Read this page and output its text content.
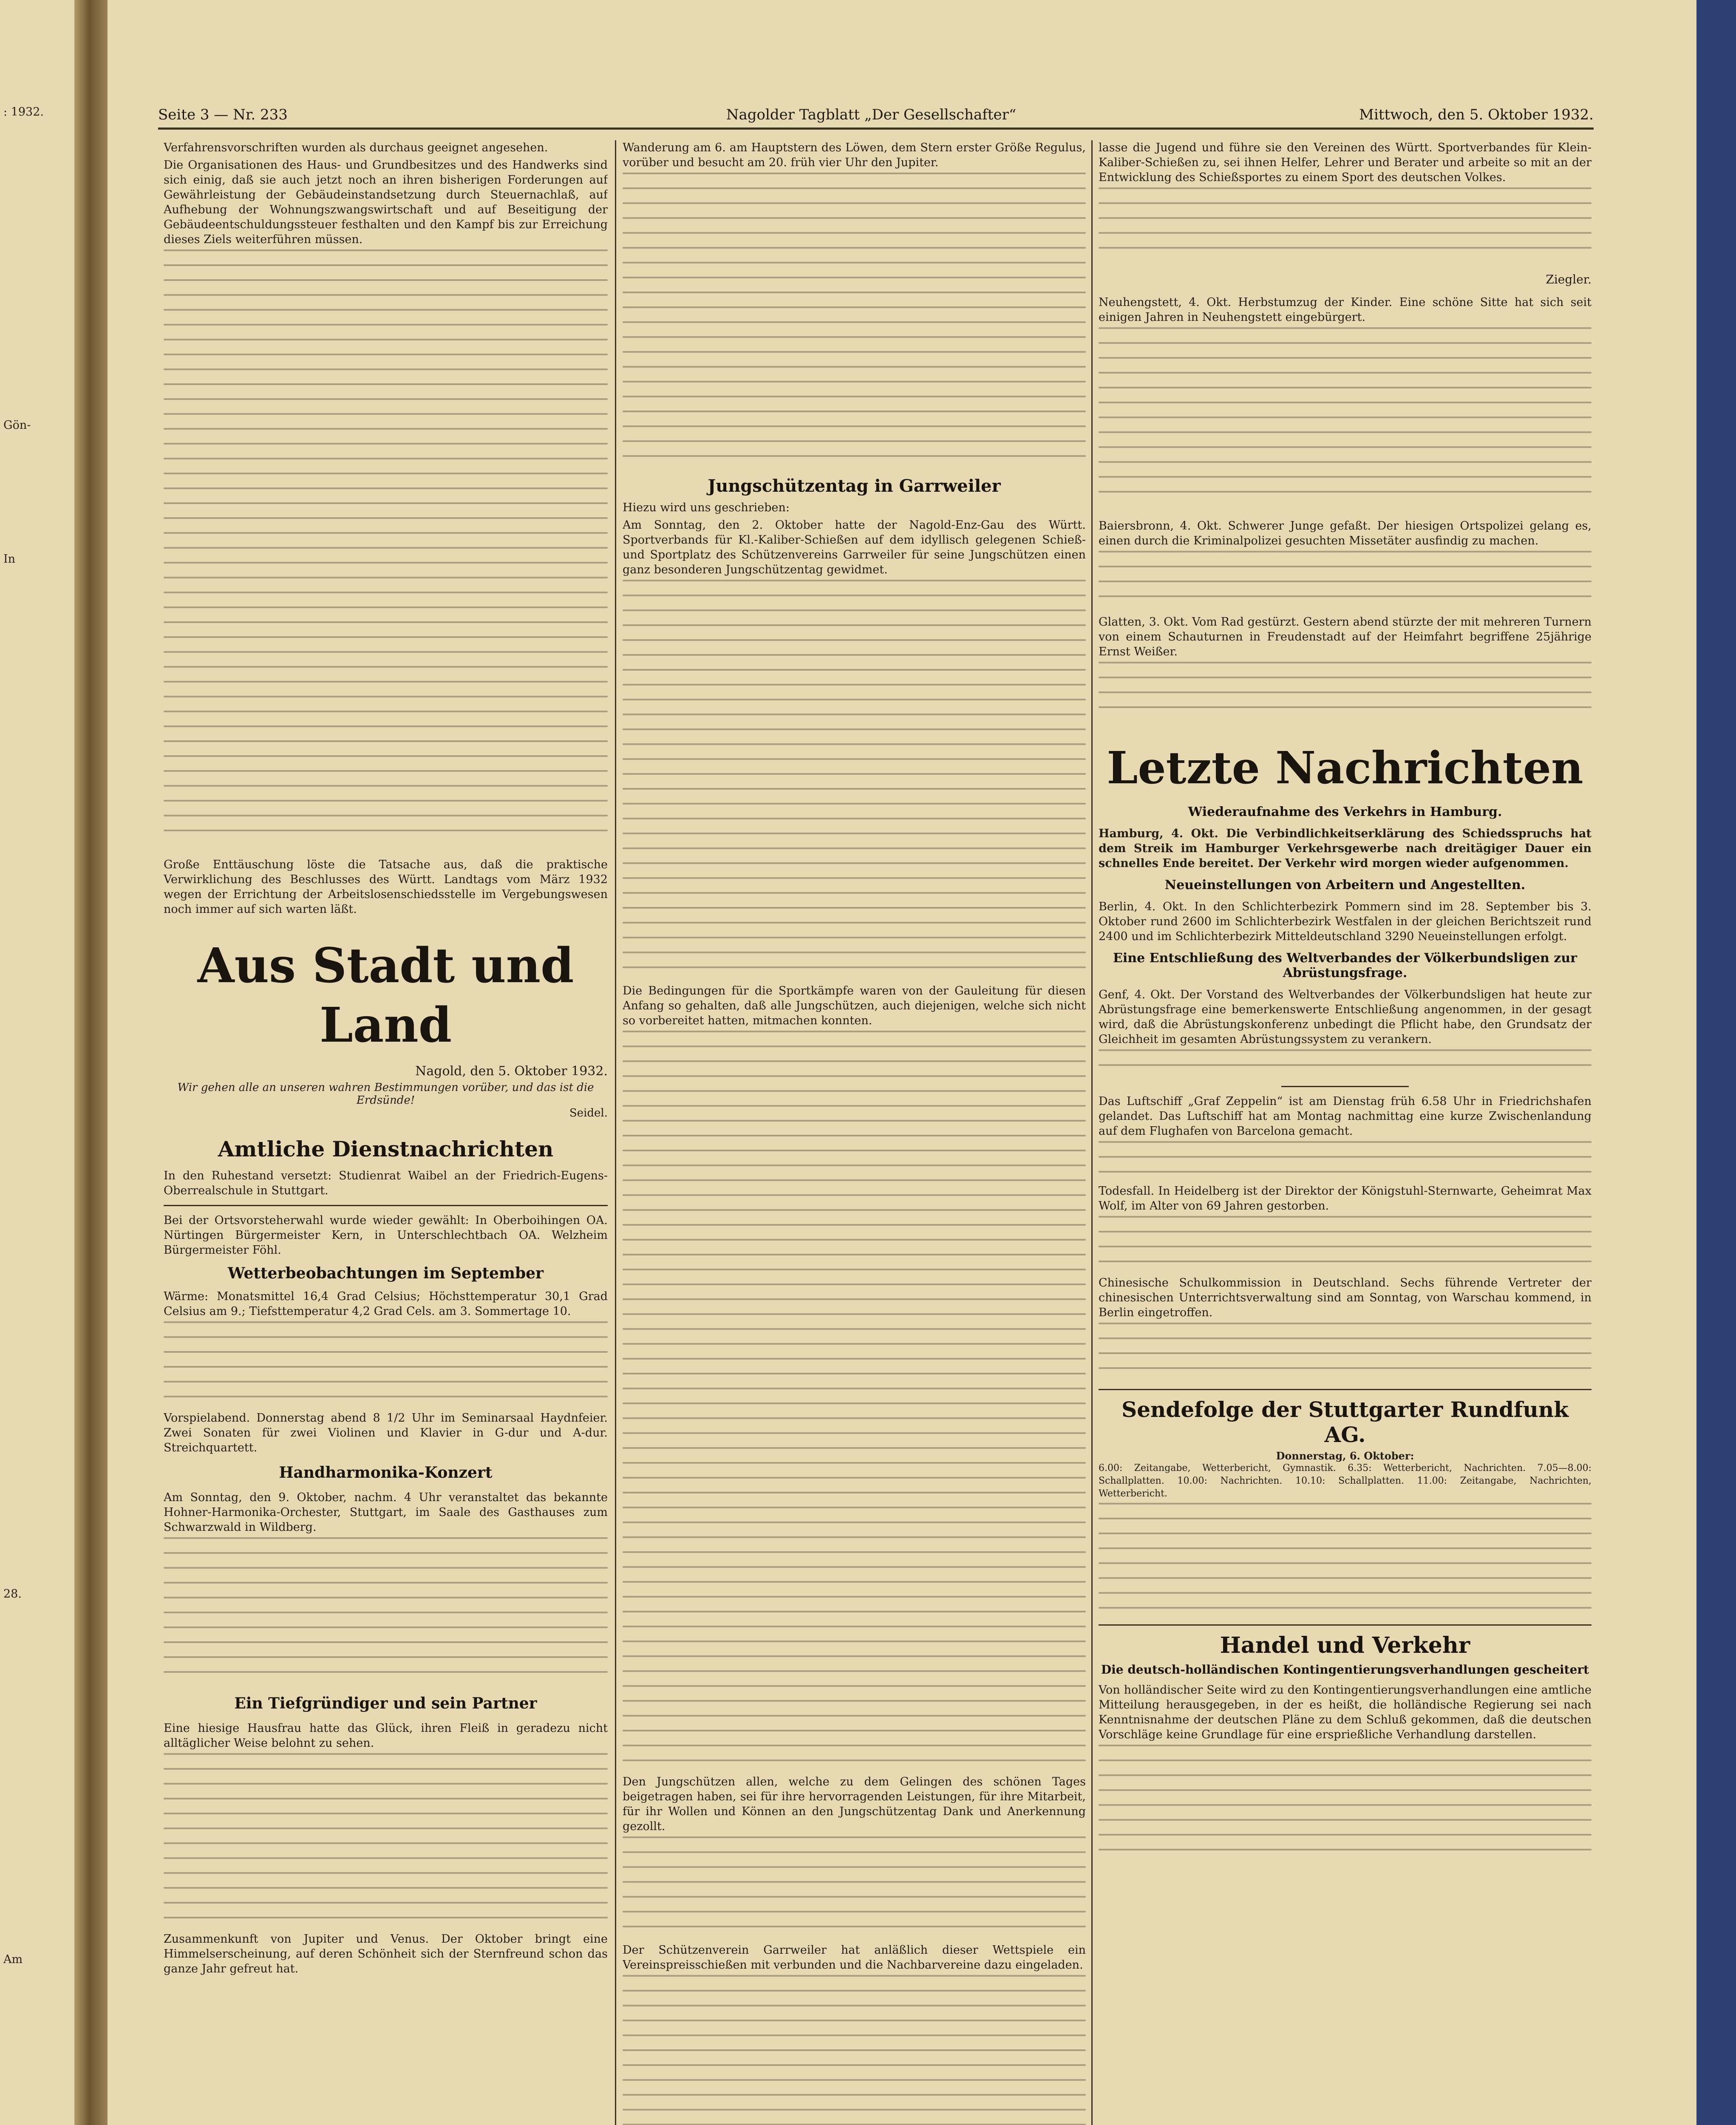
: 1932.
Gön-
In
28.
Am
Seite 3 — Nr. 233	Nagolder Tagblatt „Der Gesellschafter“	Mittwoch, den 5. Oktober 1932.

Verfahrensvorschriften wurden als durchaus geeignet angesehen.

Die Organisationen des Haus- und Grundbesitzes und des Handwerks sind sich einig, daß sie auch jetzt noch an ihren bisherigen Forderungen auf Gewährleistung der Gebäudeinstandsetzung durch Steuernachlaß, auf Aufhebung der Wohnungszwangswirtschaft und auf Beseitigung der Gebäudeentschuldungssteuer festhalten und den Kampf bis zur Erreichung dieses Ziels weiterführen müssen.

Große Enttäuschung löste die Tatsache aus, daß die praktische Verwirklichung des Beschlusses des Württ. Landtags vom März 1932 wegen der Errichtung der Arbeitslosenschiedsstelle im Vergebungswesen noch immer auf sich warten läßt.

Aus Stadt und Land
Nagold, den 5. Oktober 1932.
Wir gehen alle an unseren wahren Bestimmungen vorüber, und das ist die Erdsünde!
Seidel.
Amtliche Dienstnachrichten

In den Ruhestand versetzt: Studienrat Waibel an der Friedrich-Eugens-Oberrealschule in Stuttgart.

Bei der Ortsvorsteherwahl wurde wieder gewählt: In Oberboihingen OA. Nürtingen Bürgermeister Kern, in Unterschlechtbach OA. Welzheim Bürgermeister Föhl.

Wetterbeobachtungen im September

Wärme: Monatsmittel 16,4 Grad Celsius; Höchsttemperatur 30,1 Grad Celsius am 9.; Tiefsttemperatur 4,2 Grad Cels. am 3. Sommertage 10.

Vorspielabend. Donnerstag abend 8 1/2 Uhr im Seminarsaal Haydnfeier. Zwei Sonaten für zwei Violinen und Klavier in G-dur und A-dur. Streichquartett.

Handharmonika-Konzert

Am Sonntag, den 9. Oktober, nachm. 4 Uhr veranstaltet das bekannte Hohner-Harmonika-Orchester, Stuttgart, im Saale des Gasthauses zum Schwarzwald in Wildberg.

Ein Tiefgründiger und sein Partner

Eine hiesige Hausfrau hatte das Glück, ihren Fleiß in geradezu nicht alltäglicher Weise belohnt zu sehen.

Zusammenkunft von Jupiter und Venus. Der Oktober bringt eine Himmelserscheinung, auf deren Schönheit sich der Sternfreund schon das ganze Jahr gefreut hat.

Wanderung am 6. am Hauptstern des Löwen, dem Stern erster Größe Regulus, vorüber und besucht am 20. früh vier Uhr den Jupiter.

Jungschützentag in Garrweiler
Hiezu wird uns geschrieben:

Am Sonntag, den 2. Oktober hatte der Nagold-Enz-Gau des Württ. Sportverbands für Kl.-Kaliber-Schießen auf dem idyllisch gelegenen Schieß- und Sportplatz des Schützenvereins Garrweiler für seine Jungschützen einen ganz besonderen Jungschützentag gewidmet.

Die Bedingungen für die Sportkämpfe waren von der Gauleitung für diesen Anfang so gehalten, daß alle Jungschützen, auch diejenigen, welche sich nicht so vorbereitet hatten, mitmachen konnten.

Den Jungschützen allen, welche zu dem Gelingen des schönen Tages beigetragen haben, sei für ihre hervorragenden Leistungen, für ihre Mitarbeit, für ihr Wollen und Können an den Jungschützentag Dank und Anerkennung gezollt.

Der Schützenverein Garrweiler hat anläßlich dieser Wettspiele ein Vereinspreisschießen mit verbunden und die Nachbarvereine dazu eingeladen.

lasse die Jugend und führe sie den Vereinen des Württ. Sportverbandes für Klein-Kaliber-Schießen zu, sei ihnen Helfer, Lehrer und Berater und arbeite so mit an der Entwicklung des Schießsportes zu einem Sport des deutschen Volkes.

Ziegler.

Neuhengstett, 4. Okt. Herbstumzug der Kinder. Eine schöne Sitte hat sich seit einigen Jahren in Neuhengstett eingebürgert.

Baiersbronn, 4. Okt. Schwerer Junge gefaßt. Der hiesigen Ortspolizei gelang es, einen durch die Kriminalpolizei gesuchten Missetäter ausfindig zu machen.

Glatten, 3. Okt. Vom Rad gestürzt. Gestern abend stürzte der mit mehreren Turnern von einem Schauturnen in Freudenstadt auf der Heimfahrt begriffene 25jährige Ernst Weißer.

Letzte Nachrichten
Wiederaufnahme des Verkehrs in Hamburg.

Hamburg, 4. Okt. Die Verbindlichkeitserklärung des Schiedsspruchs hat dem Streik im Hamburger Verkehrsgewerbe nach dreitägiger Dauer ein schnelles Ende bereitet. Der Verkehr wird morgen wieder aufgenommen.

Neueinstellungen von Arbeitern und Angestellten.

Berlin, 4. Okt. In den Schlichterbezirk Pommern sind im 28. September bis 3. Oktober rund 2600 im Schlichterbezirk Westfalen in der gleichen Berichtszeit rund 2400 und im Schlichterbezirk Mitteldeutschland 3290 Neueinstellungen erfolgt.

Eine Entschließung des Weltverbandes der Völkerbundsligen zur Abrüstungsfrage.

Genf, 4. Okt. Der Vorstand des Weltverbandes der Völkerbundsligen hat heute zur Abrüstungsfrage eine bemerkenswerte Entschließung angenommen, in der gesagt wird, daß die Abrüstungskonferenz unbedingt die Pflicht habe, den Grundsatz der Gleichheit im gesamten Abrüstungssystem zu verankern.

Das Luftschiff „Graf Zeppelin“ ist am Dienstag früh 6.58 Uhr in Friedrichshafen gelandet. Das Luftschiff hat am Montag nachmittag eine kurze Zwischenlandung auf dem Flughafen von Barcelona gemacht.

Todesfall. In Heidelberg ist der Direktor der Königstuhl-Sternwarte, Geheimrat Max Wolf, im Alter von 69 Jahren gestorben.

Chinesische Schulkommission in Deutschland. Sechs führende Vertreter der chinesischen Unterrichtsverwaltung sind am Sonntag, von Warschau kommend, in Berlin eingetroffen.

Sendefolge der Stuttgarter Rundfunk AG.
Donnerstag, 6. Oktober:

6.00: Zeitangabe, Wetterbericht, Gymnastik. 6.35: Wetterbericht, Nachrichten. 7.05—8.00: Schallplatten. 10.00: Nachrichten. 10.10: Schallplatten. 11.00: Zeitangabe, Nachrichten, Wetterbericht.

Handel und Verkehr
Die deutsch-holländischen Kontingentierungsverhandlungen gescheitert

Von holländischer Seite wird zu den Kontingentierungsverhandlungen eine amtliche Mitteilung herausgegeben, in der es heißt, die holländische Regierung sei nach Kenntnisnahme der deutschen Pläne zu dem Schluß gekommen, daß die deutschen Vorschläge keine Grundlage für eine ersprießliche Verhandlung darstellen.
